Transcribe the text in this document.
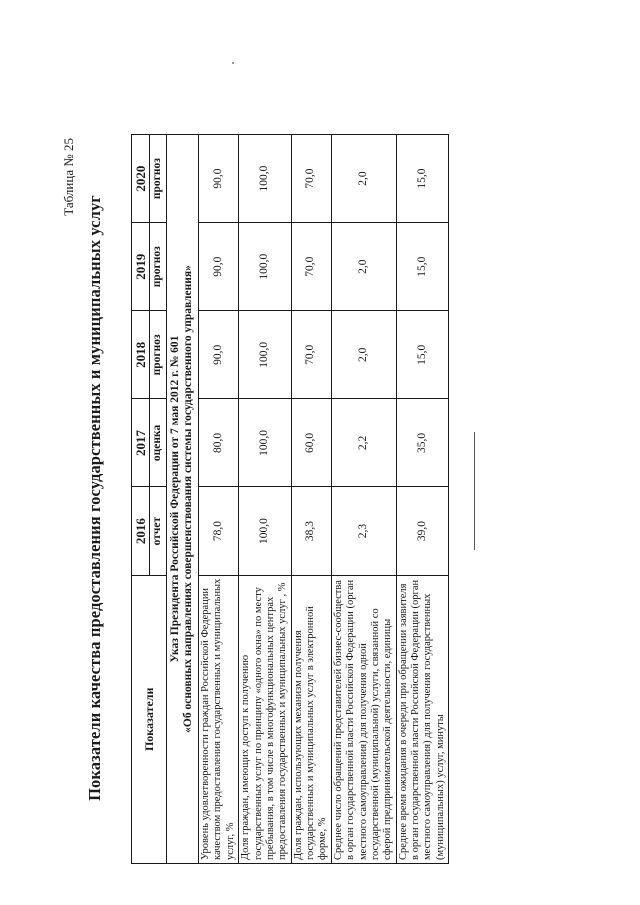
Таблица № 25
Показатели качества предоставления государственных и муниципальных услуг	Показатели	2016	2017	2018	2019	2020
	отчет	оценка	прогноз	прогноз	прогноз

Указ Президента Российской Федерации от 7 мая 2012 г. № 601 «Об основных направлениях совершенствования системы государственного управления»					

Уровень удовлетворенности граждан Российской Федерации качеством предоставления государственных и муниципальных услуг, %	78,0	80,0	90,0	90,0	90,0
Доля граждан, имеющих доступ к получению государственных услуг по принципу «одного окна» по месту пребывания, в том числе в многофункциональных центрах предоставления государственных и муниципальных услуг , %	100,0	100,0	100,0	100,0	100,0
Доля граждан, использующих механизм получения государственных и муниципальных услуг в электронной форме, %	38,3	60,0	70,0	70,0	70,0
Среднее число обращений представителей бизнес-сообщества в орган государственной власти Российской Федерации (орган местного самоуправления) для получения одной государственной (муниципальной) услуги, связанной со сферой предпринимательской деятельности, единицы	2,3	2,2	2,0	2,0	2,0
Среднее время ожидания в очереди при обращении заявителя в орган государственной власти Российской Федерации (орган местного самоуправления) для получения государственных (муниципальных) услуг, минуты	39,0	35,0	15,0	15,0	15,0
